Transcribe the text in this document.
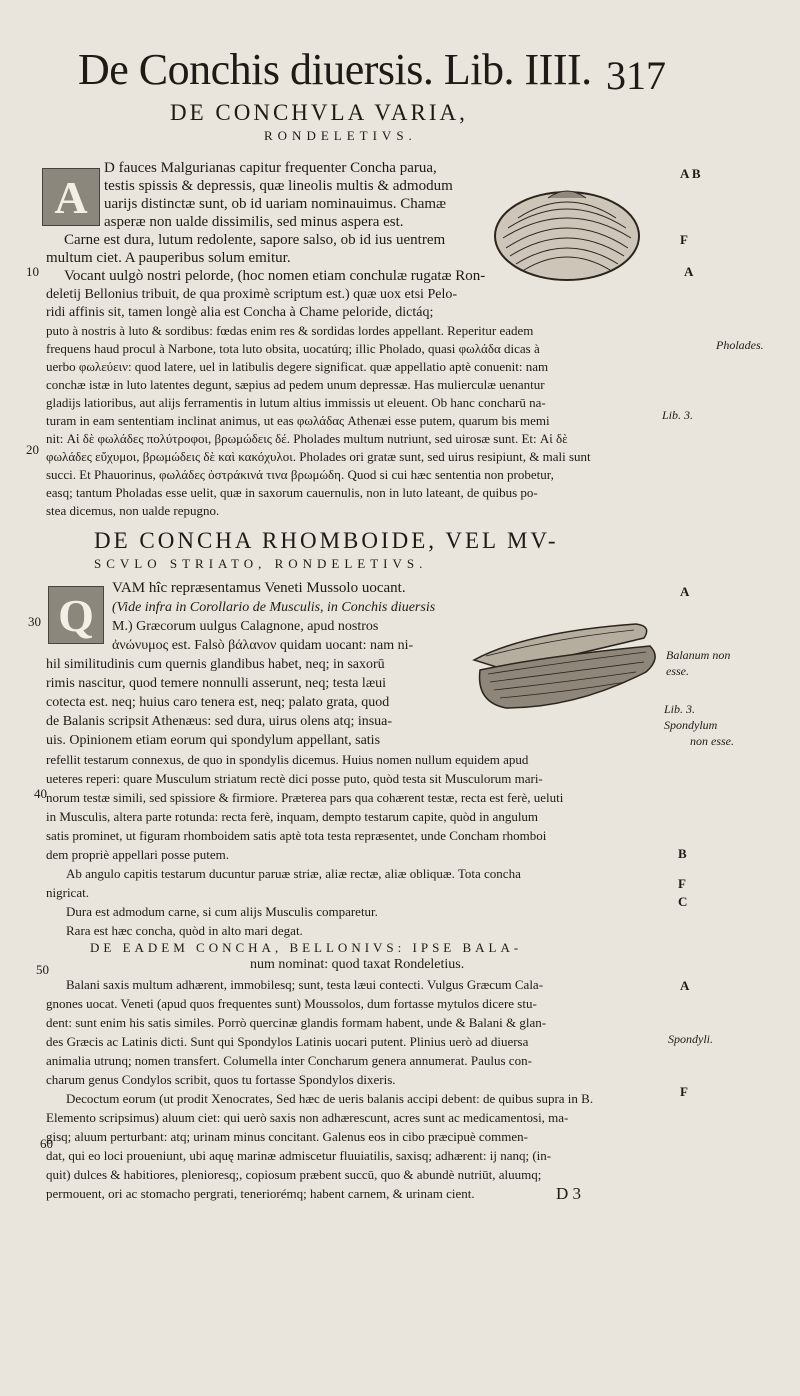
De Conchis diuersis. Lib. IIII. 317
DE CONCHVLA VARIA,
RONDELETIVS.
A
D fauces Malgurianas capitur frequenter Concha parua,
testis spissis & depressis, quæ lineolis multis & admodum
uarijs distinctæ sunt, ob id uariam nominauimus. Chamæ
asperæ non ualde dissimilis, sed minus aspera est.
Carne est dura, lutum redolente, sapore salso, ob id ius uentrem
multum ciet. A pauperibus solum emitur.
Vocant uulgò nostri pelorde, (hoc nomen etiam conchulæ rugatæ Ron-
deletij Bellonius tribuit, de qua proximè scriptum est.) quæ uox etsi Pelo-
ridi affinis sit, tamen longè alia est Concha à Chame peloride, dictáq;
puto à nostris à luto & sordibus: fœdas enim res & sordidas lordes appellant. Reperitur eadem
frequens haud procul à Narbone, tota luto obsita, uocatúrq; illic Pholado, quasi φωλάδα dicas à
uerbo φωλεύειν: quod latere, uel in latibulis degere significat. quæ appellatio aptè conuenit: nam
conchæ istæ in luto latentes degunt, sæpius ad pedem unum depressæ. Has mulierculæ uenantur
gladijs latioribus, aut alijs ferramentis in lutum altius immissis ut eleuent. Ob hanc concharū na-
turam in eam sententiam inclinat animus, ut eas φωλάδας Athenæi esse putem, quarum bis memi
nit: Αἱ δὲ φωλάδες πολύτροφοι, βρωμώδεις δέ. Pholades multum nutriunt, sed uirosæ sunt. Et: Αἱ δὲ
φωλάδες εὔχυμοι, βρωμώδεις δὲ καὶ κακόχυλοι. Pholades ori gratæ sunt, sed uirus resipiunt, & mali sunt
succi. Et Phauorinus, φωλάδες ὀστράκινά τινα βρωμώδη. Quod si cui hæc sententia non probetur,
easq; tantum Pholadas esse uelit, quæ in saxorum cauernulis, non in luto lateant, de quibus po-
stea dicemus, non ualde repugno.
A B
F
A
Pholades.
Lib. 3.
10
20
DE CONCHA RHOMBOIDE, VEL MV-
SCVLO STRIATO, RONDELETIVS.
Q
VAM hîc repræsentamus Veneti Mussolo uocant.
(Vide infra in Corollario de Musculis, in Conchis diuersis
M.) Græcorum uulgus Calagnone, apud nostros
ἀνώνυμος est. Falsò βάλανον quidam uocant: nam ni-
hil similitudinis cum quernis glandibus habet, neq; in saxorū
rimis nascitur, quod temere nonnulli asserunt, neq; testa læui
cotecta est. neq; huius caro tenera est, neq; palato grata, quod
de Balanis scripsit Athenæus: sed dura, uirus olens atq; insua-
uis. Opinionem etiam eorum qui spondylum appellant, satis
refellit testarum connexus, de quo in spondylis dicemus. Huius nomen nullum equidem apud
ueteres reperi: quare Musculum striatum rectè dici posse puto, quòd testa sit Musculorum mari-
norum testæ simili, sed spissiore & firmiore. Præterea pars qua cohærent testæ, recta est ferè, ueluti
in Musculis, altera parte rotunda: recta ferè, inquam, dempto testarum capite, quòd in angulum
satis prominet, ut figuram rhomboidem satis aptè tota testa repræsentet, unde Concham rhomboi
dem propriè appellari posse putem.
Ab angulo capitis testarum ducuntur paruæ striæ, aliæ rectæ, aliæ obliquæ. Tota concha
nigricat.
Dura est admodum carne, si cum alijs Musculis comparetur.
Rara est hæc concha, quòd in alto mari degat.
A
Balanum non
esse.
Lib. 3.
Spondylum
non esse.
B
F
C
30
40
DE EADEM CONCHA, BELLONIVS: IPSE BALA-
num nominat: quod taxat Rondeletius.
Balani saxis multum adhærent, immobilesq; sunt, testa læui contecti. Vulgus Græcum Cala-
gnones uocat. Veneti (apud quos frequentes sunt) Moussolos, dum fortasse mytulos dicere stu-
dent: sunt enim his satis similes. Porrò quercinæ glandis formam habent, unde & Balani & glan-
des Græcis ac Latinis dicti. Sunt qui Spondylos Latinis uocari putent. Plinius uerò ad diuersa
animalia utrunq; nomen transfert. Columella inter Concharum genera annumerat. Paulus con-
charum genus Condylos scribit, quos tu fortasse Spondylos dixeris.
Decoctum eorum (ut prodit Xenocrates, Sed hæc de ueris balanis accipi debent: de quibus supra in B.
Elemento scripsimus) aluum ciet: qui uerò saxis non adhærescunt, acres sunt ac medicamentosi, ma-
gisq; aluum perturbant: atq; urinam minus concitant. Galenus eos in cibo præcipuè commen-
dat, qui eo loci proueniunt, ubi aquę marinæ admiscetur fluuiatilis, saxisq; adhærent: ij nanq; (in-
quit) dulces & habitiores, plenioresq;, copiosum præbent succū, quo & abundè nutriūt, aluumq;
permouent, ori ac stomacho pergrati, teneriorémq; habent carnem, & urinam cient.
A
Spondyli.
F
50
60
D 3
